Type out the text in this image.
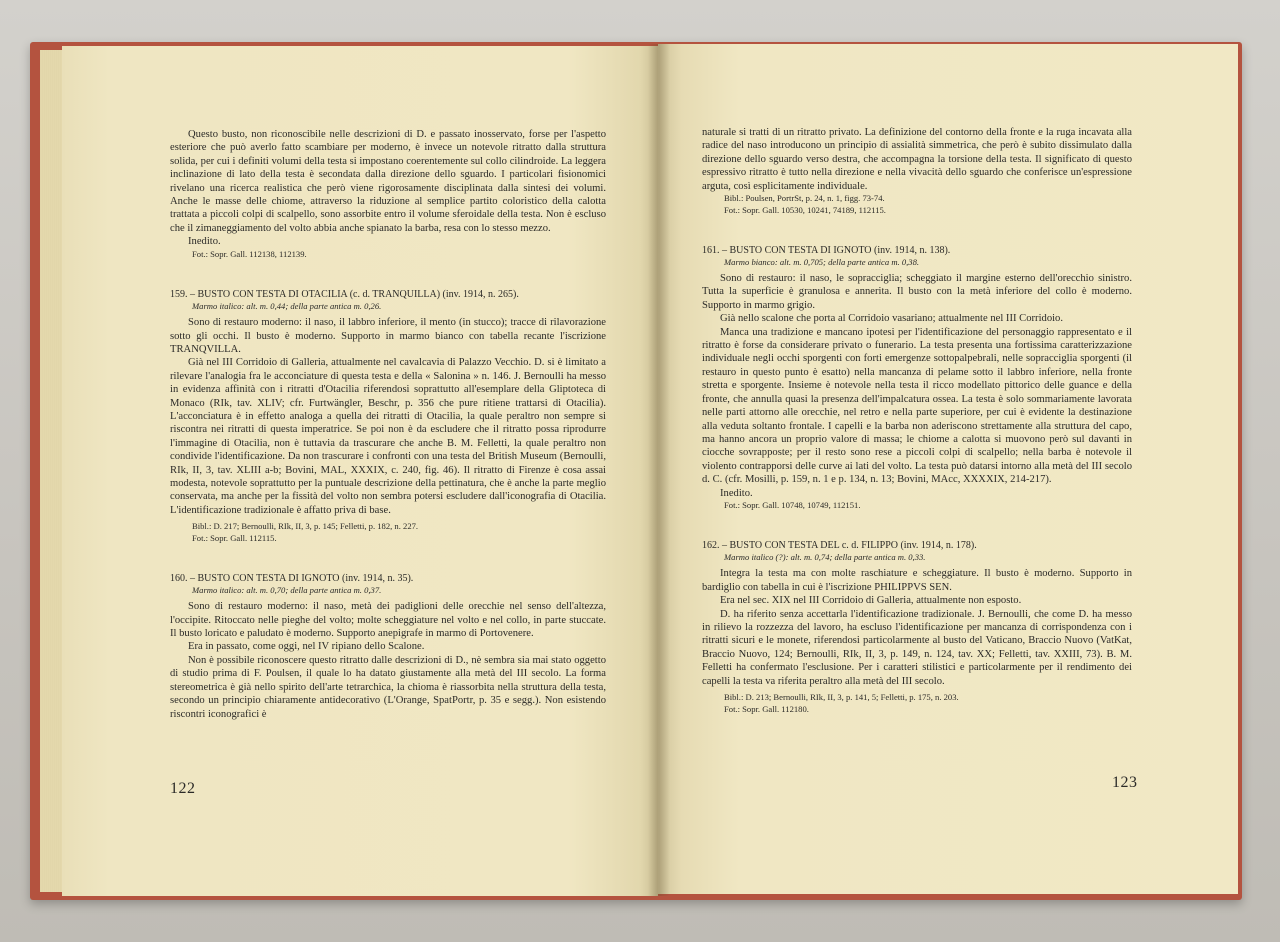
Questo busto, non riconoscibile nelle descrizioni di D. e passato inosservato, forse per l'aspetto esteriore che può averlo fatto scambiare per moderno, è invece un notevole ritratto dalla struttura solida, per cui i definiti volumi della testa si impostano coerentemente sul collo cilindroide. La leggera inclinazione di lato della testa è secondata dalla direzione dello sguardo. I particolari fisionomici rivelano una ricerca realistica che però viene rigorosamente disciplinata dalla sintesi dei volumi. Anche le masse delle chiome, attraverso la riduzione al semplice partito coloristico della calotta trattata a piccoli colpi di scalpello, sono assorbite entro il volume sferoidale della testa. Non è escluso che il zimaneggiamento del volto abbia anche spianato la barba, resa con lo stesso mezzo.

Inedito.

Fot.: Sopr. Gall. 112138, 112139.

159. – BUSTO CON TESTA DI OTACILIA (c. d. TRANQUILLA) (inv. 1914, n. 265).

Marmo italico: alt. m. 0,44; della parte antica m. 0,26.

Sono di restauro moderno: il naso, il labbro inferiore, il mento (in stucco); tracce di rilavorazione sotto gli occhi. Il busto è moderno. Supporto in marmo bianco con tabella recante l'iscrizione TRANQVILLA.

Già nel III Corridoio di Galleria, attualmente nel cavalcavia di Palazzo Vecchio. D. si è limitato a rilevare l'analogia fra le acconciature di questa testa e della « Salonina » n. 146. J. Bernoulli ha messo in evidenza affinità con i ritratti d'Otacilia riferendosi soprattutto all'esemplare della Gliptoteca di Monaco (RIk, tav. XLIV; cfr. Furtwängler, Beschr, p. 356 che pure ritiene trattarsi di Otacilia). L'acconciatura è in effetto analoga a quella dei ritratti di Otacilia, la quale peraltro non sempre si riscontra nei ritratti di questa imperatrice. Se poi non è da escludere che il ritratto possa riprodurre l'immagine di Otacilia, non è tuttavia da trascurare che anche B. M. Felletti, la quale peraltro non condivide l'identificazione. Da non trascurare i confronti con una testa del British Museum (Bernoulli, RIk, II, 3, tav. XLIII a-b; Bovini, MAL, XXXIX, c. 240, fig. 46). Il ritratto di Firenze è cosa assai modesta, notevole soprattutto per la puntuale descrizione della pettinatura, che è anche la parte meglio conservata, ma anche per la fissità del volto non sembra potersi escludere dall'iconografia di Otacilia. L'identificazione tradizionale è affatto priva di base.

Bibl.: D. 217; Bernoulli, RIk, II, 3, p. 145; Felletti, p. 182, n. 227.

Fot.: Sopr. Gall. 112115.

160. – BUSTO CON TESTA DI IGNOTO (inv. 1914, n. 35).

Marmo italico: alt. m. 0,70; della parte antica m. 0,37.

Sono di restauro moderno: il naso, metà dei padiglioni delle orecchie nel senso dell'altezza, l'occipite. Ritoccato nelle pieghe del volto; molte scheggiature nel volto e nel collo, in parte stuccate. Il busto loricato e paludato è moderno. Supporto anepigrafe in marmo di Portovenere.

Era in passato, come oggi, nel IV ripiano dello Scalone.

Non è possibile riconoscere questo ritratto dalle descrizioni di D., nè sembra sia mai stato oggetto di studio prima di F. Poulsen, il quale lo ha datato giustamente alla metà del III secolo. La forma stereometrica è già nello spirito dell'arte tetrarchica, la chioma è riassorbita nella struttura della testa, secondo un principio chiaramente antidecorativo (L'Orange, SpatPortr, p. 35 e segg.). Non esistendo riscontri iconografici è

122

naturale si tratti di un ritratto privato. La definizione del contorno della fronte e la ruga incavata alla radice del naso introducono un principio di assialità simmetrica, che però è subito dissimulato dalla direzione dello sguardo verso destra, che accompagna la torsione della testa. Il significato di questo espressivo ritratto è tutto nella direzione e nella vivacità dello sguardo che conferisce un'espressione arguta, così esplicitamente individuale.

Bibl.: Poulsen, PortrSt, p. 24, n. 1, figg. 73-74.

Fot.: Sopr. Gall. 10530, 10241, 74189, 112115.

161. – BUSTO CON TESTA DI IGNOTO (inv. 1914, n. 138).

Marmo bianco: alt. m. 0,705; della parte antica m. 0,38.

Sono di restauro: il naso, le sopracciglia; scheggiato il margine esterno dell'orecchio sinistro. Tutta la superficie è granulosa e annerita. Il busto con la metà inferiore del collo è moderno. Supporto in marmo grigio.

Già nello scalone che porta al Corridoio vasariano; attualmente nel III Corridoio.

Manca una tradizione e mancano ipotesi per l'identificazione del personaggio rappresentato e il ritratto è forse da considerare privato o funerario. La testa presenta una fortissima caratterizzazione individuale negli occhi sporgenti con forti emergenze sottopalpebrali, nelle sopracciglia sporgenti (il restauro in questo punto è esatto) nella mancanza di pelame sotto il labbro inferiore, nella fronte stretta e sporgente. Insieme è notevole nella testa il ricco modellato pittorico delle guance e della fronte, che annulla quasi la presenza dell'impalcatura ossea. La testa è solo sommariamente lavorata nelle parti attorno alle orecchie, nel retro e nella parte superiore, per cui è evidente la destinazione alla veduta soltanto frontale. I capelli e la barba non aderiscono strettamente alla struttura del capo, ma hanno ancora un proprio valore di massa; le chiome a calotta si muovono però sul davanti in ciocche sovrapposte; per il resto sono rese a piccoli colpi di scalpello; nella barba è notevole il violento contrapporsi delle curve ai lati del volto. La testa può datarsi intorno alla metà del III secolo d. C. (cfr. Mosilli, p. 159, n. 1 e p. 134, n. 13; Bovini, MAcc, XXXXIX, 214-217).

Inedito.

Fot.: Sopr. Gall. 10748, 10749, 112151.

162. – BUSTO CON TESTA DEL c. d. FILIPPO (inv. 1914, n. 178).

Marmo italico (?): alt. m. 0,74; della parte antica m. 0,33.

Integra la testa ma con molte raschiature e scheggiature. Il busto è moderno. Supporto in bardiglio con tabella in cui è l'iscrizione PHILIPPVS SEN.

Era nel sec. XIX nel III Corridoio di Galleria, attualmente non esposto.

D. ha riferito senza accettarla l'identificazione tradizionale. J. Bernoulli, che come D. ha messo in rilievo la rozzezza del lavoro, ha escluso l'identificazione per mancanza di corrispondenza con i ritratti sicuri e le monete, riferendosi particolarmente al busto del Vaticano, Braccio Nuovo (VatKat, Braccio Nuovo, 124; Bernoulli, RIk, II, 3, p. 149, n. 124, tav. XX; Felletti, tav. XXIII, 73). B. M. Felletti ha confermato l'esclusione. Per i caratteri stilistici e particolarmente per il rendimento dei capelli la testa va riferita peraltro alla metà del III secolo.

Bibl.: D. 213; Bernoulli, RIk, II, 3, p. 141, 5; Felletti, p. 175, n. 203.

Fot.: Sopr. Gall. 112180.

123
